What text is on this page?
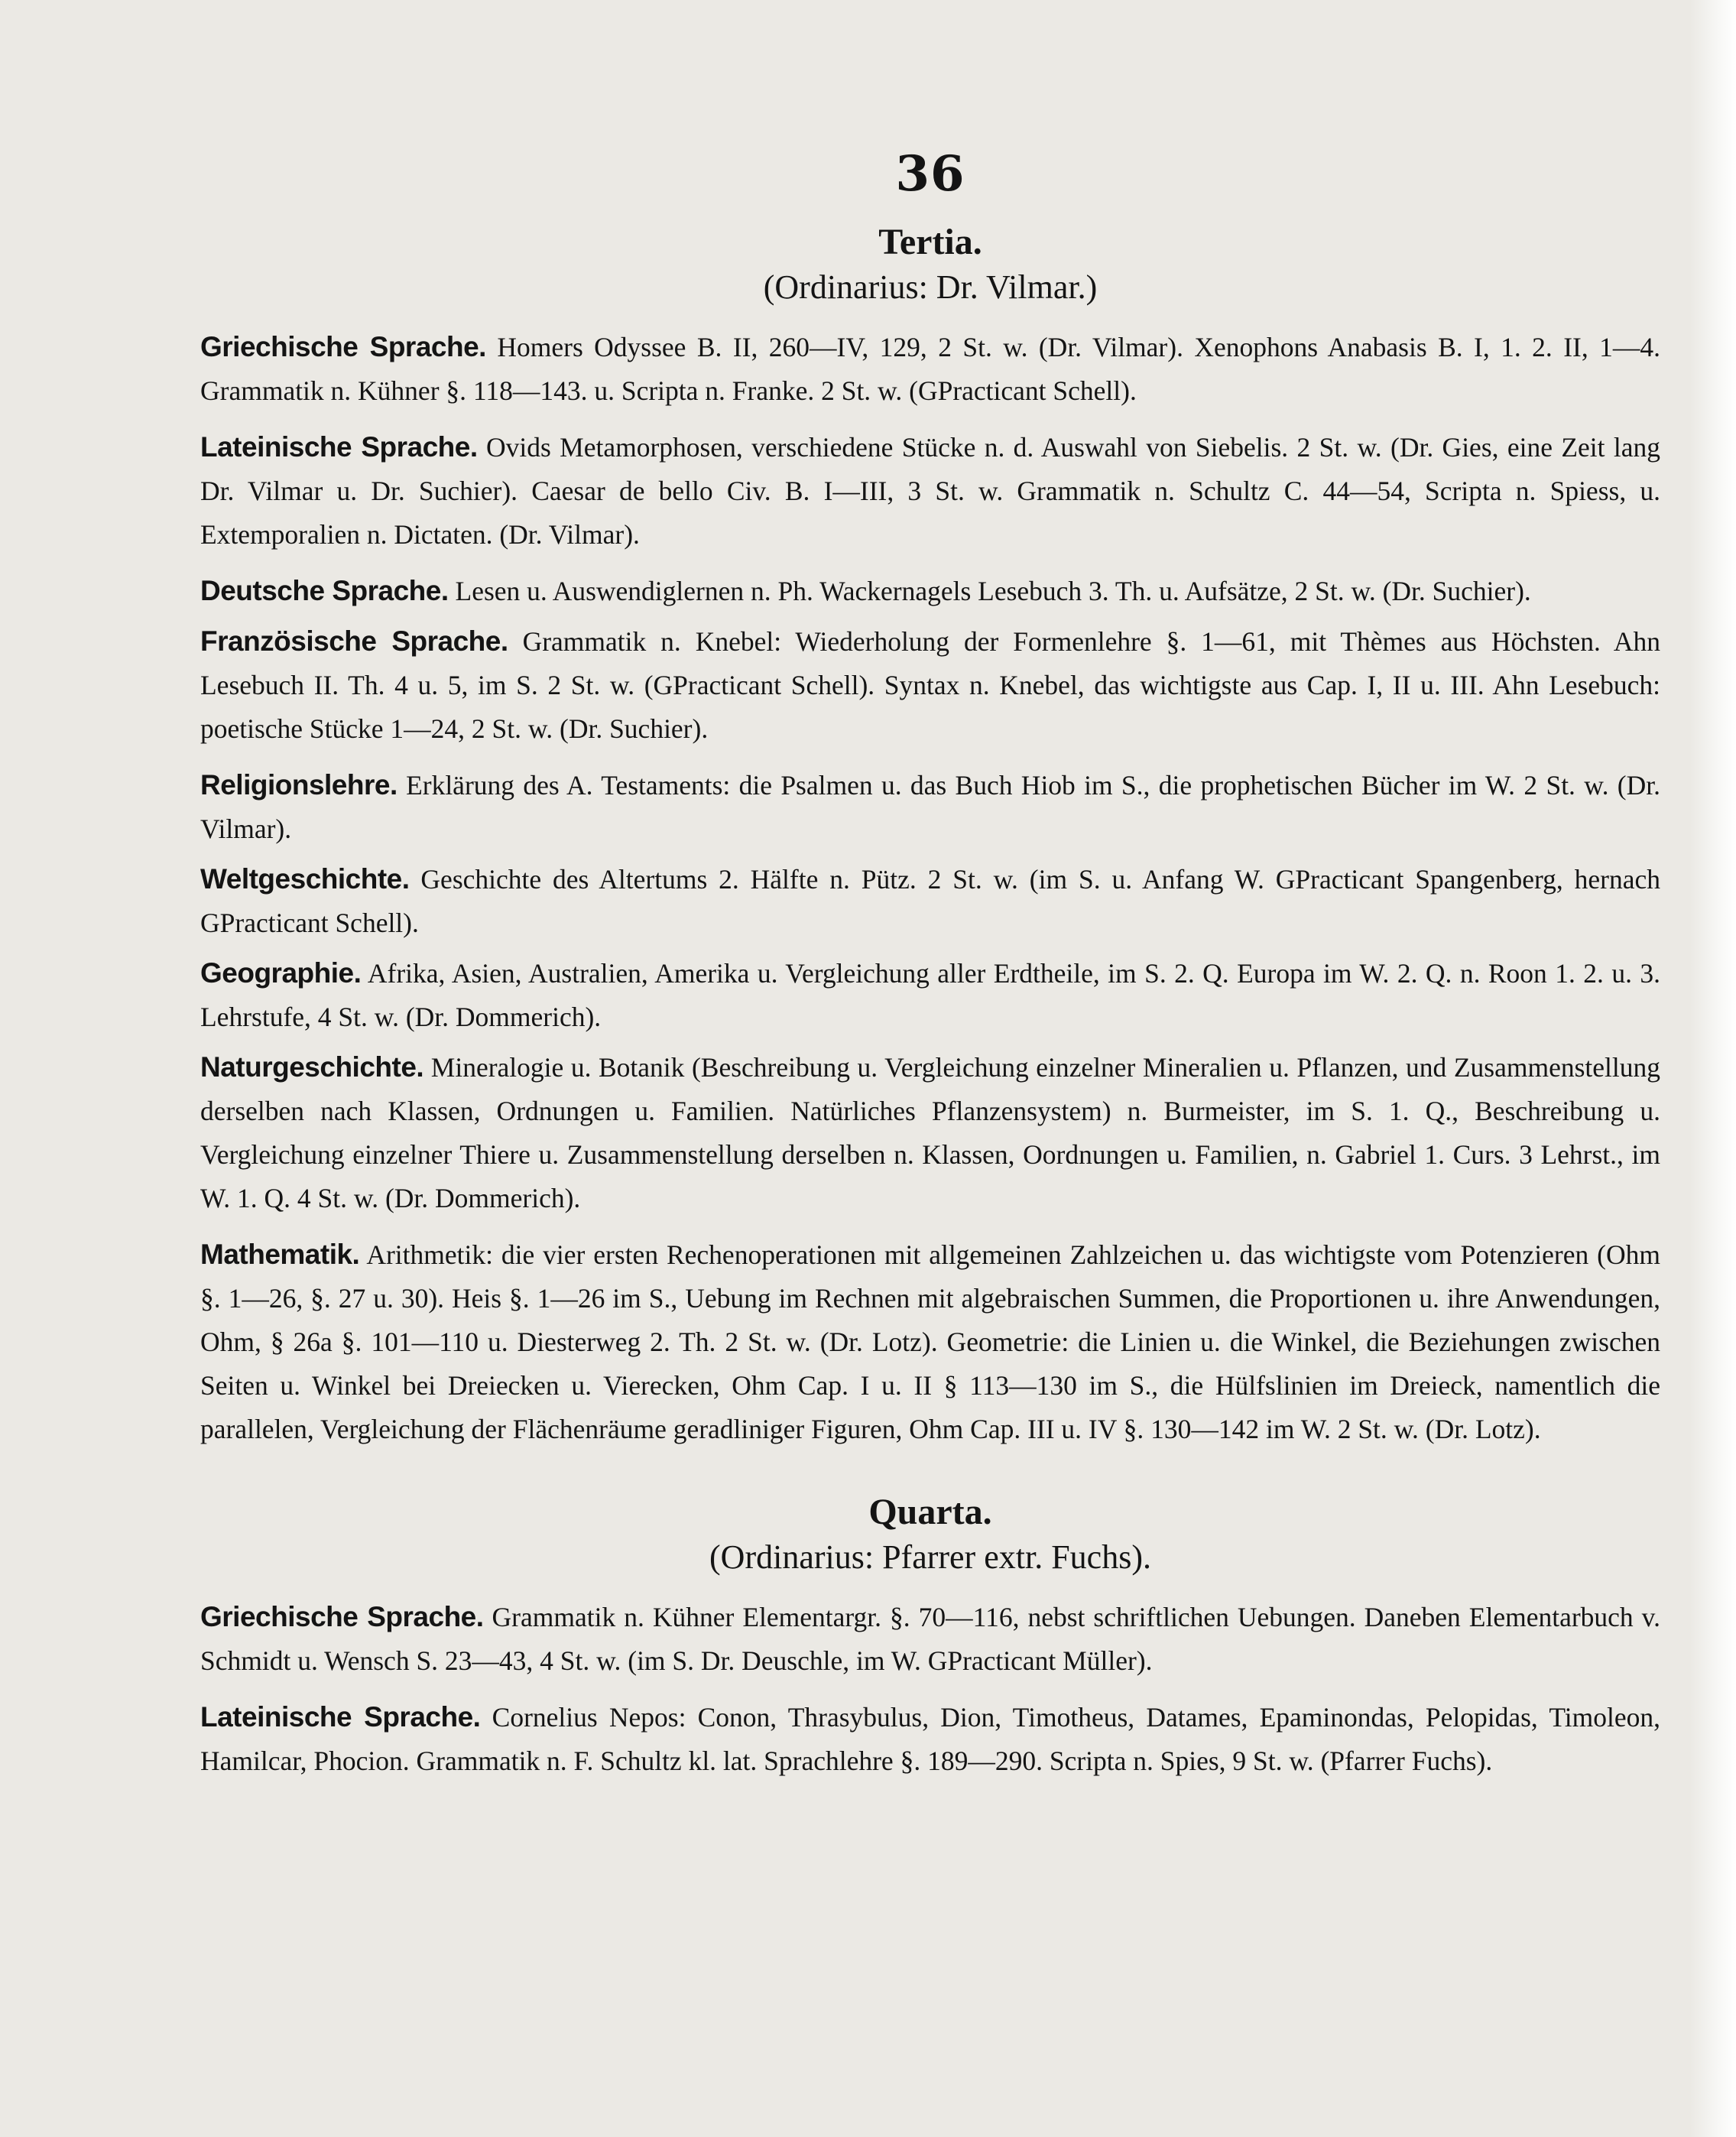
36
Tertia.
(Ordinarius: Dr. Vilmar.)

Griechische Sprache. Homers Odyssee B. II, 260—IV, 129, 2 St. w. (Dr. Vilmar). Xenophons Anabasis B. I, 1. 2. II, 1—4. Grammatik n. Kühner §. 118—143. u. Scripta n. Franke. 2 St. w. (GPracticant Schell).

Lateinische Sprache. Ovids Metamorphosen, verschiedene Stücke n. d. Auswahl von Siebelis. 2 St. w. (Dr. Gies, eine Zeit lang Dr. Vilmar u. Dr. Suchier). Caesar de bello Civ. B. I—III, 3 St. w. Grammatik n. Schultz C. 44—54, Scripta n. Spiess, u. Extemporalien n. Dictaten. (Dr. Vilmar).

Deutsche Sprache. Lesen u. Auswendiglernen n. Ph. Wackernagels Lesebuch 3. Th. u. Aufsätze, 2 St. w. (Dr. Suchier).

Französische Sprache. Grammatik n. Knebel: Wiederholung der Formenlehre §. 1—61, mit Thèmes aus Höchsten. Ahn Lesebuch II. Th. 4 u. 5, im S. 2 St. w. (GPracticant Schell). Syntax n. Knebel, das wichtigste aus Cap. I, II u. III. Ahn Lesebuch: poetische Stücke 1—24, 2 St. w. (Dr. Suchier).

Religionslehre. Erklärung des A. Testaments: die Psalmen u. das Buch Hiob im S., die prophetischen Bücher im W. 2 St. w. (Dr. Vilmar).

Weltgeschichte. Geschichte des Altertums 2. Hälfte n. Pütz. 2 St. w. (im S. u. Anfang W. GPracticant Spangenberg, hernach GPracticant Schell).

Geographie. Afrika, Asien, Australien, Amerika u. Vergleichung aller Erdtheile, im S. 2. Q. Europa im W. 2. Q. n. Roon 1. 2. u. 3. Lehrstufe, 4 St. w. (Dr. Dommerich).

Naturgeschichte. Mineralogie u. Botanik (Beschreibung u. Vergleichung einzelner Mineralien u. Pflanzen, und Zusammenstellung derselben nach Klassen, Ordnungen u. Familien. Natürliches Pflanzensystem) n. Burmeister, im S. 1. Q., Beschreibung u. Vergleichung einzelner Thiere u. Zusammenstellung derselben n. Klassen, Oordnungen u. Familien, n. Gabriel 1. Curs. 3 Lehrst., im W. 1. Q. 4 St. w. (Dr. Dommerich).

Mathematik. Arithmetik: die vier ersten Rechenoperationen mit allgemeinen Zahlzeichen u. das wichtigste vom Potenzieren (Ohm §. 1—26, §. 27 u. 30). Heis §. 1—26 im S., Uebung im Rechnen mit algebraischen Summen, die Proportionen u. ihre Anwendungen, Ohm, § 26a §. 101—110 u. Diesterweg 2. Th. 2 St. w. (Dr. Lotz). Geometrie: die Linien u. die Winkel, die Beziehungen zwischen Seiten u. Winkel bei Dreiecken u. Vierecken, Ohm Cap. I u. II § 113—130 im S., die Hülfslinien im Dreieck, namentlich die parallelen, Vergleichung der Flächenräume geradliniger Figuren, Ohm Cap. III u. IV §. 130—142 im W. 2 St. w. (Dr. Lotz).

Quarta.
(Ordinarius: Pfarrer extr. Fuchs).

Griechische Sprache. Grammatik n. Kühner Elementargr. §. 70—116, nebst schriftlichen Uebungen. Daneben Elementarbuch v. Schmidt u. Wensch S. 23—43, 4 St. w. (im S. Dr. Deuschle, im W. GPracticant Müller).

Lateinische Sprache. Cornelius Nepos: Conon, Thrasybulus, Dion, Timotheus, Datames, Epaminondas, Pelopidas, Timoleon, Hamilcar, Phocion. Grammatik n. F. Schultz kl. lat. Sprachlehre §. 189—290. Scripta n. Spies, 9 St. w. (Pfarrer Fuchs).
